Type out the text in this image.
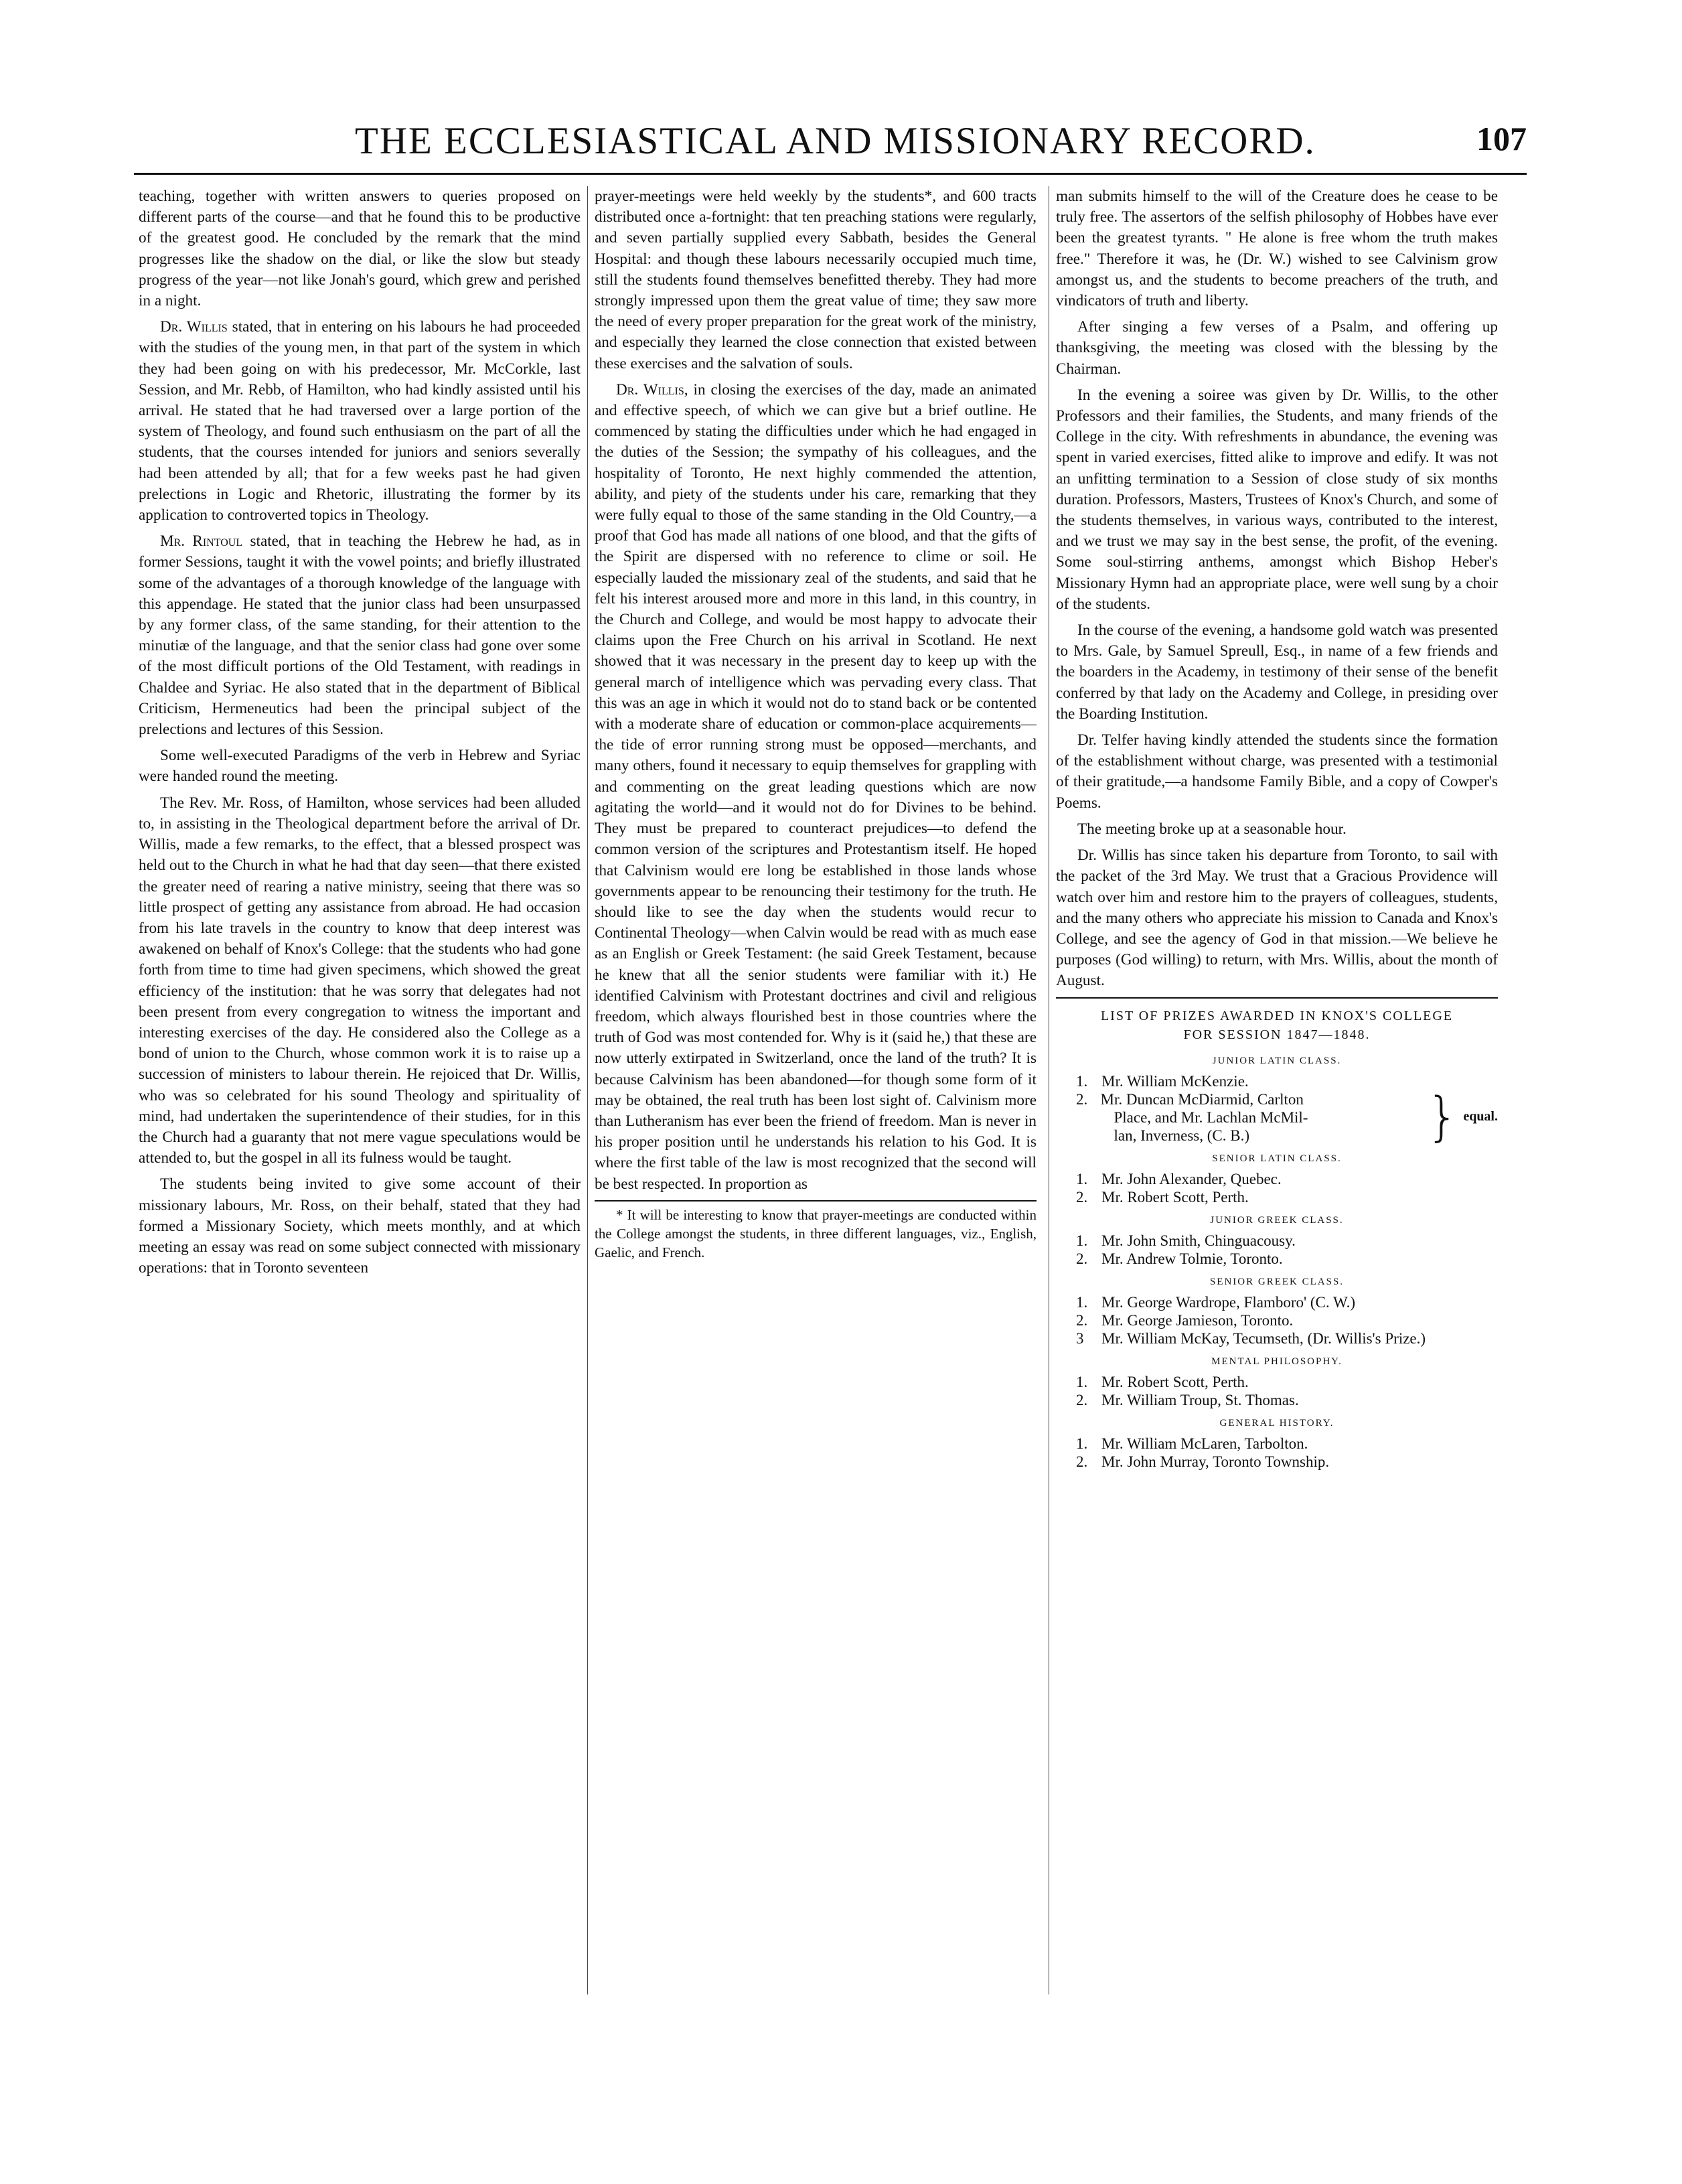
THE ECCLESIASTICAL AND MISSIONARY RECORD.	107

teaching, together with written answers to queries proposed on different parts of the course—and that he found this to be productive of the greatest good. He concluded by the remark that the mind progresses like the shadow on the dial, or like the slow but steady progress of the year—not like Jonah's gourd, which grew and perished in a night.

Dr. Willis stated, that in entering on his labours he had proceeded with the studies of the young men, in that part of the system in which they had been going on with his predecessor, Mr. McCorkle, last Session, and Mr. Rebb, of Hamilton, who had kindly assisted until his arrival. He stated that he had traversed over a large portion of the system of Theology, and found such enthusiasm on the part of all the students, that the courses intended for juniors and seniors severally had been attended by all; that for a few weeks past he had given prelections in Logic and Rhetoric, illustrating the former by its application to controverted topics in Theology.

Mr. Rintoul stated, that in teaching the Hebrew he had, as in former Sessions, taught it with the vowel points; and briefly illustrated some of the advantages of a thorough knowledge of the language with this appendage. He stated that the junior class had been unsurpassed by any former class, of the same standing, for their attention to the minutiæ of the language, and that the senior class had gone over some of the most difficult portions of the Old Testament, with readings in Chaldee and Syriac. He also stated that in the department of Biblical Criticism, Hermeneutics had been the principal subject of the prelections and lectures of this Session.

Some well-executed Paradigms of the verb in Hebrew and Syriac were handed round the meeting.

The Rev. Mr. Ross, of Hamilton, whose services had been alluded to, in assisting in the Theological department before the arrival of Dr. Willis, made a few remarks, to the effect, that a blessed prospect was held out to the Church in what he had that day seen—that there existed the greater need of rearing a native ministry, seeing that there was so little prospect of getting any assistance from abroad. He had occasion from his late travels in the country to know that deep interest was awakened on behalf of Knox's College: that the students who had gone forth from time to time had given specimens, which showed the great efficiency of the institution: that he was sorry that delegates had not been present from every congregation to witness the important and interesting exercises of the day. He considered also the College as a bond of union to the Church, whose common work it is to raise up a succession of ministers to labour therein. He rejoiced that Dr. Willis, who was so celebrated for his sound Theology and spirituality of mind, had undertaken the superintendence of their studies, for in this the Church had a guaranty that not mere vague speculations would be attended to, but the gospel in all its fulness would be taught.

The students being invited to give some account of their missionary labours, Mr. Ross, on their behalf, stated that they had formed a Missionary Society, which meets monthly, and at which meeting an essay was read on some subject connected with missionary operations: that in Toronto seventeen

prayer-meetings were held weekly by the students*, and 600 tracts distributed once a-fortnight: that ten preaching stations were regularly, and seven partially supplied every Sabbath, besides the General Hospital: and though these labours necessarily occupied much time, still the students found themselves benefitted thereby. They had more strongly impressed upon them the great value of time; they saw more the need of every proper preparation for the great work of the ministry, and especially they learned the close connection that existed between these exercises and the salvation of souls.

Dr. Willis, in closing the exercises of the day, made an animated and effective speech, of which we can give but a brief outline. He commenced by stating the difficulties under which he had engaged in the duties of the Session; the sympathy of his colleagues, and the hospitality of Toronto, He next highly commended the attention, ability, and piety of the students under his care, remarking that they were fully equal to those of the same standing in the Old Country,—a proof that God has made all nations of one blood, and that the gifts of the Spirit are dispersed with no reference to clime or soil. He especially lauded the missionary zeal of the students, and said that he felt his interest aroused more and more in this land, in this country, in the Church and College, and would be most happy to advocate their claims upon the Free Church on his arrival in Scotland. He next showed that it was necessary in the present day to keep up with the general march of intelligence which was pervading every class. That this was an age in which it would not do to stand back or be contented with a moderate share of education or common-place acquirements—the tide of error running strong must be opposed—merchants, and many others, found it necessary to equip themselves for grappling with and commenting on the great leading questions which are now agitating the world—and it would not do for Divines to be behind. They must be prepared to counteract prejudices—to defend the common version of the scriptures and Protestantism itself. He hoped that Calvinism would ere long be established in those lands whose governments appear to be renouncing their testimony for the truth. He should like to see the day when the students would recur to Continental Theology—when Calvin would be read with as much ease as an English or Greek Testament: (he said Greek Testament, because he knew that all the senior students were familiar with it.) He identified Calvinism with Protestant doctrines and civil and religious freedom, which always flourished best in those countries where the truth of God was most contended for. Why is it (said he,) that these are now utterly extirpated in Switzerland, once the land of the truth? It is because Calvinism has been abandoned—for though some form of it may be obtained, the real truth has been lost sight of. Calvinism more than Lutheranism has ever been the friend of freedom. Man is never in his proper position until he understands his relation to his God. It is where the first table of the law is most recognized that the second will be best respected. In proportion as

* It will be interesting to know that prayer-meetings are conducted within the College amongst the students, in three different languages, viz., English, Gaelic, and French.

man submits himself to the will of the Creature does he cease to be truly free. The assertors of the selfish philosophy of Hobbes have ever been the greatest tyrants. " He alone is free whom the truth makes free." Therefore it was, he (Dr. W.) wished to see Calvinism grow amongst us, and the students to become preachers of the truth, and vindicators of truth and liberty.

After singing a few verses of a Psalm, and offering up thanksgiving, the meeting was closed with the blessing by the Chairman.

In the evening a soiree was given by Dr. Willis, to the other Professors and their families, the Students, and many friends of the College in the city. With refreshments in abundance, the evening was spent in varied exercises, fitted alike to improve and edify. It was not an unfitting termination to a Session of close study of six months duration. Professors, Masters, Trustees of Knox's Church, and some of the students themselves, in various ways, contributed to the interest, and we trust we may say in the best sense, the profit, of the evening. Some soul-stirring anthems, amongst which Bishop Heber's Missionary Hymn had an appropriate place, were well sung by a choir of the students.

In the course of the evening, a handsome gold watch was presented to Mrs. Gale, by Samuel Spreull, Esq., in name of a few friends and the boarders in the Academy, in testimony of their sense of the benefit conferred by that lady on the Academy and College, in presiding over the Boarding Institution.

Dr. Telfer having kindly attended the students since the formation of the establishment without charge, was presented with a testimonial of their gratitude,—a handsome Family Bible, and a copy of Cowper's Poems.

The meeting broke up at a seasonable hour.

Dr. Willis has since taken his departure from Toronto, to sail with the packet of the 3rd May. We trust that a Gracious Providence will watch over him and restore him to the prayers of colleagues, students, and the many others who appreciate his mission to Canada and Knox's College, and see the agency of God in that mission.—We believe he purposes (God willing) to return, with Mrs. Willis, about the month of August.

LIST OF PRIZES AWARDED IN KNOX'S COLLEGE
FOR SESSION 1847—1848.
JUNIOR LATIN CLASS.
1. Mr. William McKenzie.
2. Mr. Duncan McDiarmid, Carlton
Place, and Mr. Lachlan McMil-
lan, Inverness, (C. B.)	} equal.
SENIOR LATIN CLASS.
1. Mr. John Alexander, Quebec.
2. Mr. Robert Scott, Perth.
JUNIOR GREEK CLASS.
1. Mr. John Smith, Chinguacousy.
2. Mr. Andrew Tolmie, Toronto.
SENIOR GREEK CLASS.
1. Mr. George Wardrope, Flamboro' (C. W.)
2. Mr. George Jamieson, Toronto.
3	Mr. William McKay, Tecumseth, (Dr. Willis's Prize.)
MENTAL PHILOSOPHY.
1. Mr. Robert Scott, Perth.
2. Mr. William Troup, St. Thomas.
GENERAL HISTORY.
1. Mr. William McLaren, Tarbolton.
2. Mr. John Murray, Toronto Township.
